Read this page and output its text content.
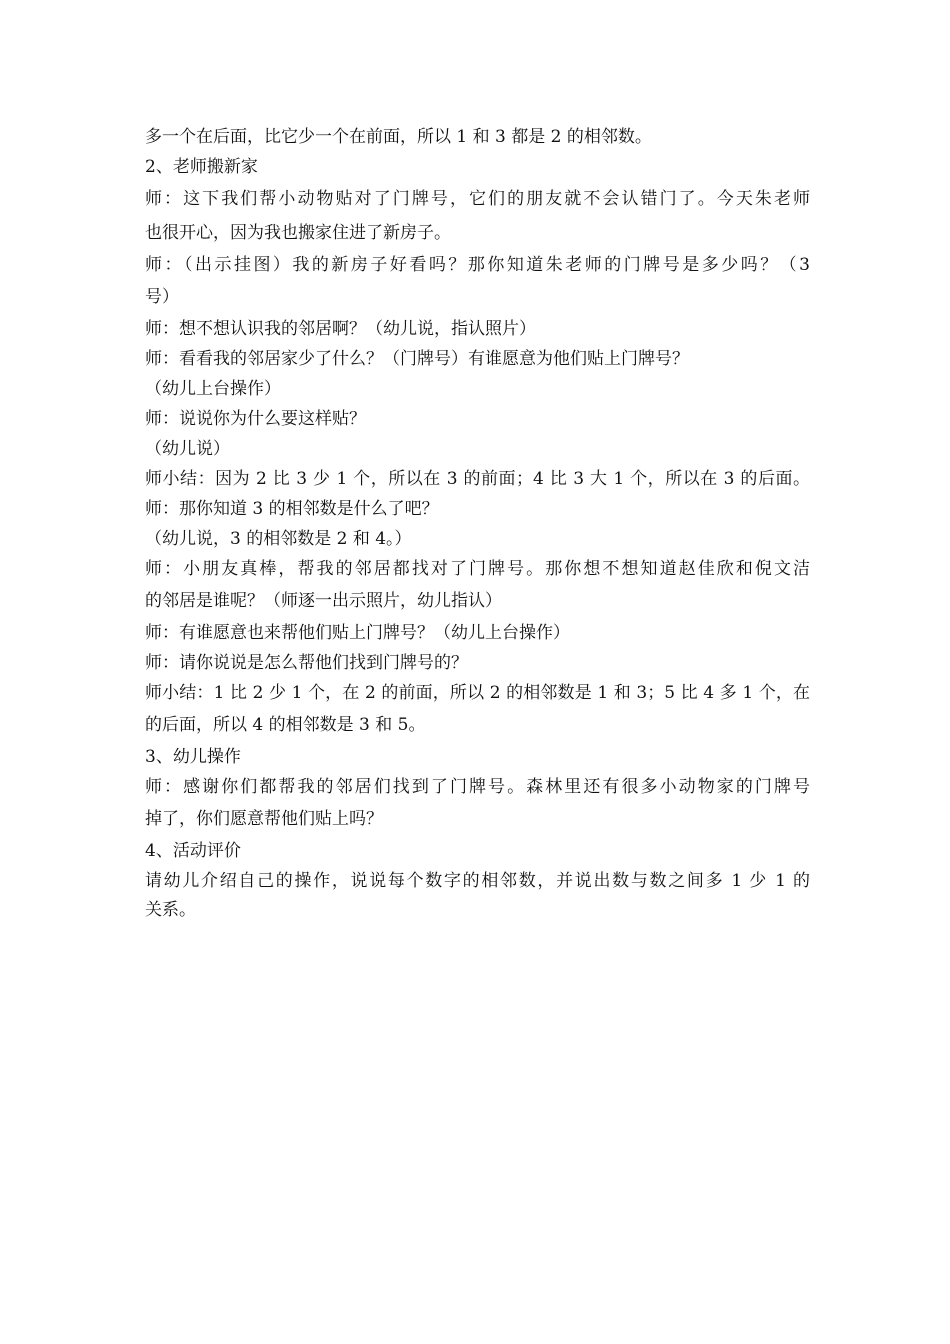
多一个在后面，比它少一个在前面，所以 1 和 3 都是 2 的相邻数。
2、老师搬新家
师：这下我们帮小动物贴对了门牌号，它们的朋友就不会认错门了。今天朱老师
也很开心，因为我也搬家住进了新房子。
师：（出示挂图）我的新房子好看吗？那你知道朱老师的门牌号是多少吗？（3
号）
师：想不想认识我的邻居啊？（幼儿说，指认照片）
师：看看我的邻居家少了什么？（门牌号）有谁愿意为他们贴上门牌号？
（幼儿上台操作）
师：说说你为什么要这样贴？
（幼儿说）
师小结：因为 2 比 3 少 1 个，所以在 3 的前面；4 比 3 大 1 个，所以在 3 的后面。
师：那你知道 3 的相邻数是什么了吧？
（幼儿说，3 的相邻数是 2 和 4。）
师：小朋友真棒，帮我的邻居都找对了门牌号。那你想不想知道赵佳欣和倪文洁
的邻居是谁呢？（师逐一出示照片，幼儿指认）
师：有谁愿意也来帮他们贴上门牌号？（幼儿上台操作）
师：请你说说是怎么帮他们找到门牌号的？
师小结：1 比 2 少 1 个，在 2 的前面，所以 2 的相邻数是 1 和 3；5 比 4 多 1 个，在
的后面，所以 4 的相邻数是 3 和 5。
3、幼儿操作
师：感谢你们都帮我的邻居们找到了门牌号。森林里还有很多小动物家的门牌号
掉了，你们愿意帮他们贴上吗？
4、活动评价
请幼儿介绍自己的操作，说说每个数字的相邻数，并说出数与数之间多 1 少 1 的
关系。
